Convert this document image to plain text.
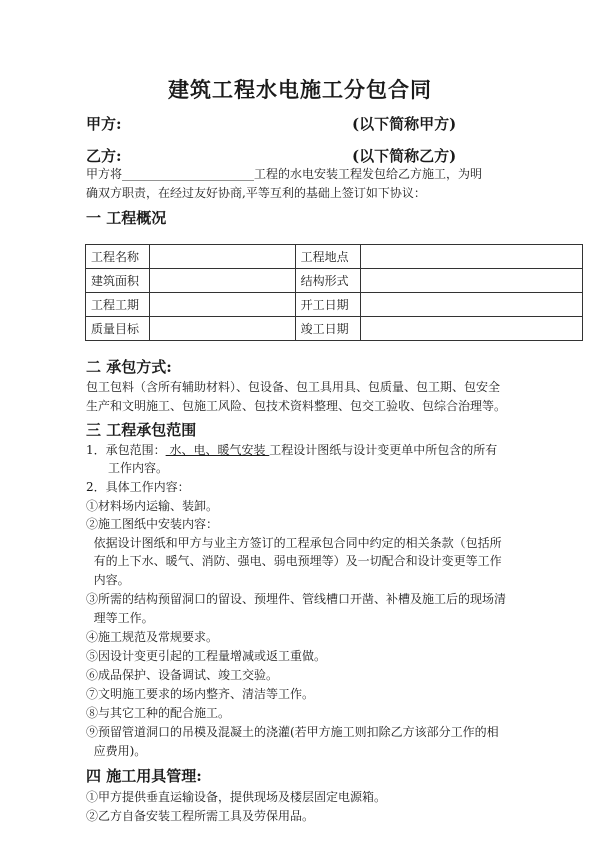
建筑工程水电施工分包合同
甲方:	(以下简称甲方)
乙方:	(以下简称乙方)
甲方将______________________工程的水电安装工程发包给乙方施工，为明
确双方职责，在经过友好协商,平等互利的基础上签订如下协议：
一 工程概况
工程名称		工程地点	
建筑面积		结构形式	
工程工期		开工日期	
质量目标		竣工日期	
二 承包方式:
包工包料（含所有辅助材料）、包设备、包工具用具、包质量、包工期、包安全
生产和文明施工、包施工风险、包技术资料整理、包交工验收、包综合治理等。
三 工程承包范围
1．承包范围： 水、电、暖气安装 工程设计图纸与设计变更单中所包含的所有
工作内容。
2．具体工作内容：
①材料场内运输、装卸。
②施工图纸中安装内容：
依据设计图纸和甲方与业主方签订的工程承包合同中约定的相关条款（包括所
有的上下水、暖气、消防、强电、弱电预埋等）及一切配合和设计变更等工作
内容。
③所需的结构预留洞口的留设、预埋件、管线槽口开凿、补槽及施工后的现场清
理等工作。
④施工规范及常规要求。
⑤因设计变更引起的工程量增减或返工重做。
⑥成品保护、设备调试、竣工交验。
⑦文明施工要求的场内整齐、清洁等工作。
⑧与其它工种的配合施工。
⑨预留管道洞口的吊模及混凝土的浇灌(若甲方施工则扣除乙方该部分工作的相
应费用)。
四 施工用具管理:
①甲方提供垂直运输设备，提供现场及楼层固定电源箱。
②乙方自备安装工程所需工具及劳保用品。
